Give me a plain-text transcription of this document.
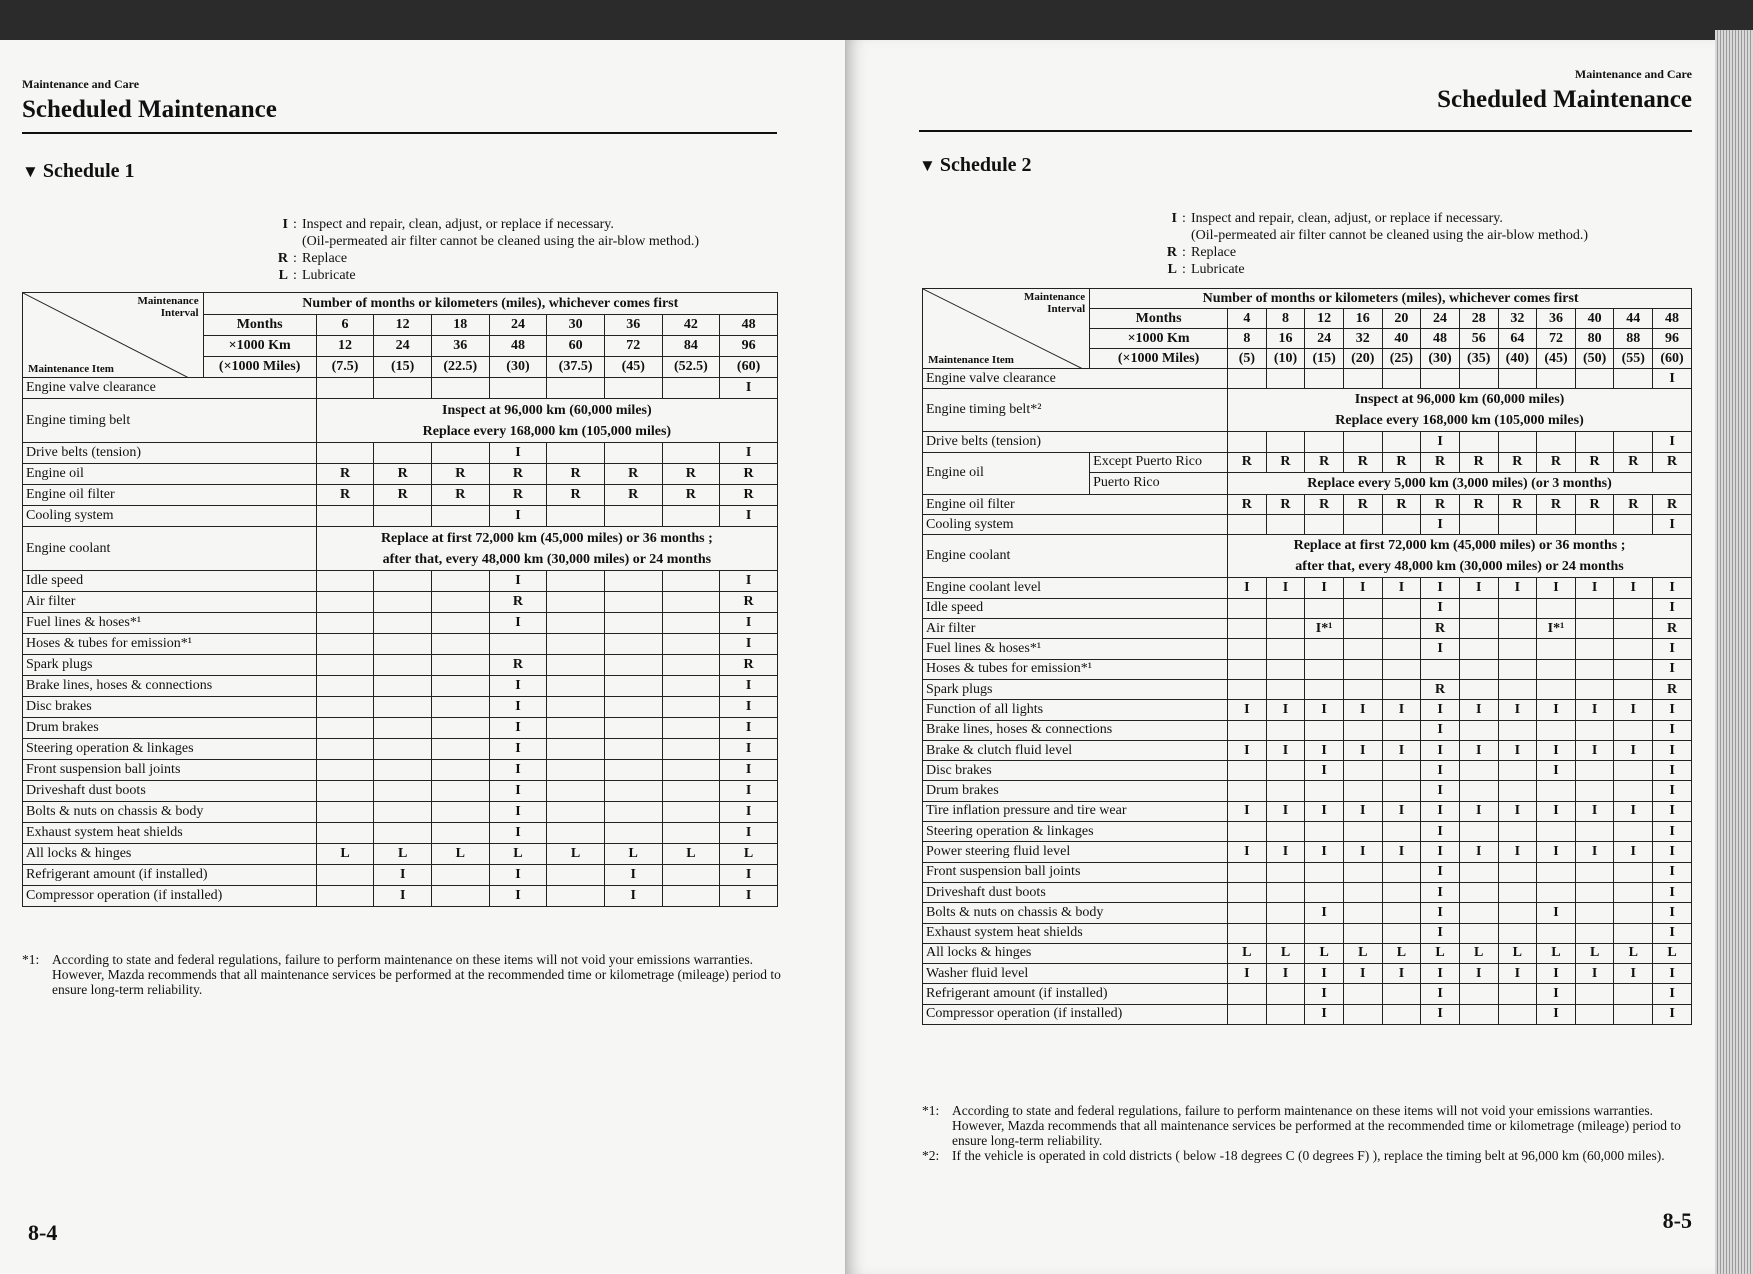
Maintenance and Care
Scheduled Maintenance
▼ Schedule 1
I : Inspect and repair, clean, adjust, or replace if necessary.
(Oil-permeated air filter cannot be cleaned using the air-blow method.)
R : Replace
L : Lubricate
Maintenance Interval
Maintenance Item	Number of months or kilometers (miles), whichever comes first								
	Months	6	12	18	24	30	36	42	48
	×1000 Km	12	24	36	48	60	72	84	96
	(×1000 Miles)	(7.5)	(15)	(22.5)	(30)	(37.5)	(45)	(52.5)	(60)
Engine valve clearance									I
Engine timing belt		Inspect at 96,000 km (60,000 miles)
Replace every 168,000 km (105,000 miles)							

Drive belts (tension)					I				I
Engine oil		R	R	R	R	R	R	R	R
Engine oil filter		R	R	R	R	R	R	R	R
Cooling system					I				I
Engine coolant		Replace at first 72,000 km (45,000 miles) or 36 months ;
after that, every 48,000 km (30,000 miles) or 24 months							

Idle speed					I				I
Air filter					R				R
Fuel lines & hoses*¹					I				I
Hoses & tubes for emission*¹									I
Spark plugs					R				R
Brake lines, hoses & connections					I				I
Disc brakes					I				I
Drum brakes					I				I
Steering operation & linkages					I				I
Front suspension ball joints					I				I
Driveshaft dust boots					I				I
Bolts & nuts on chassis & body					I				I
Exhaust system heat shields					I				I
All locks & hinges		L	L	L	L	L	L	L	L
Refrigerant amount (if installed)			I		I		I		I
Compressor operation (if installed)			I		I		I		I
*1: According to state and federal regulations, failure to perform maintenance on these items will not void your emissions warranties. However, Mazda recommends that all maintenance services be performed at the recommended time or kilometrage (mileage) period to ensure long-term reliability.
8-4
Maintenance and Care
Scheduled Maintenance
▼ Schedule 2
I : Inspect and repair, clean, adjust, or replace if necessary.
(Oil-permeated air filter cannot be cleaned using the air-blow method.)
R : Replace
L : Lubricate
Maintenance Interval
Maintenance Item	Number of months or kilometers (miles), whichever comes first												
	Months	4	8	12	16	20	24	28	32	36	40	44	48
	×1000 Km	8	16	24	32	40	48	56	64	72	80	88	96
	(×1000 Miles)	(5)	(10)	(15)	(20)	(25)	(30)	(35)	(40)	(45)	(50)	(55)	(60)
Engine valve clearance													I
Engine timing belt*²		Inspect at 96,000 km (60,000 miles)
Replace every 168,000 km (105,000 miles)											

Drive belts (tension)							I						I
Engine oil	Except Puerto Rico	R	R	R	R	R	R	R	R	R	R	R	R
	Puerto Rico	Replace every 5,000 km (3,000 miles) (or 3 months)											

Engine oil filter		R	R	R	R	R	R	R	R	R	R	R	R
Cooling system							I						I
Engine coolant		Replace at first 72,000 km (45,000 miles) or 36 months ;
after that, every 48,000 km (30,000 miles) or 24 months											

Engine coolant level		I	I	I	I	I	I	I	I	I	I	I	I
Idle speed							I						I
Air filter				I*¹			R			I*¹			R
Fuel lines & hoses*¹							I						I
Hoses & tubes for emission*¹													I
Spark plugs							R						R
Function of all lights		I	I	I	I	I	I	I	I	I	I	I	I
Brake lines, hoses & connections							I						I
Brake & clutch fluid level		I	I	I	I	I	I	I	I	I	I	I	I
Disc brakes				I			I			I			I
Drum brakes							I						I
Tire inflation pressure and tire wear		I	I	I	I	I	I	I	I	I	I	I	I
Steering operation & linkages							I						I
Power steering fluid level		I	I	I	I	I	I	I	I	I	I	I	I
Front suspension ball joints							I						I
Driveshaft dust boots							I						I
Bolts & nuts on chassis & body				I			I			I			I
Exhaust system heat shields							I						I
All locks & hinges		L	L	L	L	L	L	L	L	L	L	L	L
Washer fluid level		I	I	I	I	I	I	I	I	I	I	I	I
Refrigerant amount (if installed)				I			I			I			I
Compressor operation (if installed)				I			I			I			I
*1: According to state and federal regulations, failure to perform maintenance on these items will not void your emissions warranties. However, Mazda recommends that all maintenance services be performed at the recommended time or kilometrage (mileage) period to ensure long-term reliability.
*2: If the vehicle is operated in cold districts ( below -18 degrees C (0 degrees F) ), replace the timing belt at 96,000 km (60,000 miles).
8-5
